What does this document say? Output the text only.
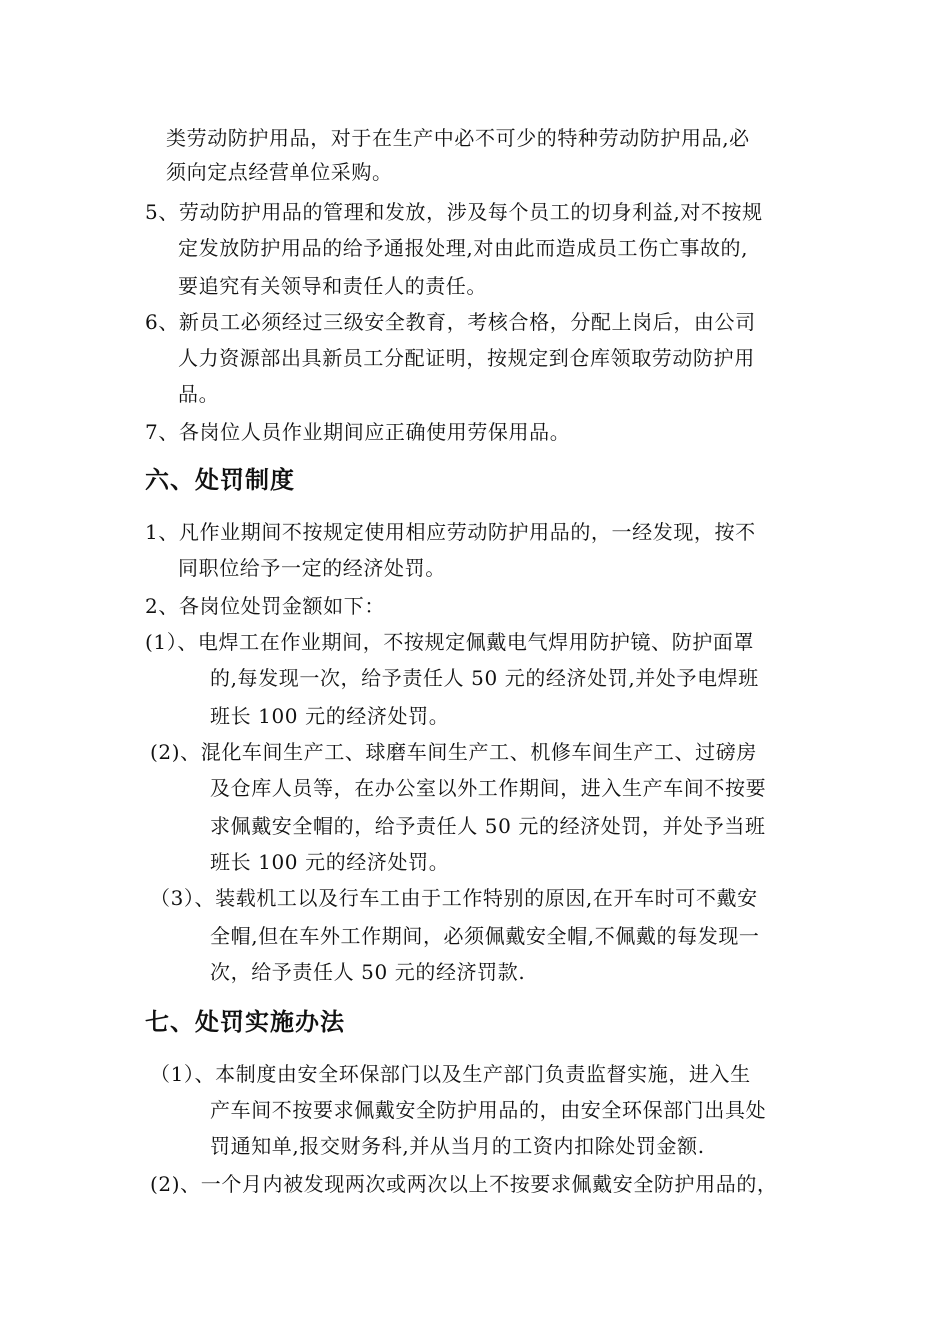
类劳动防护用品，对于在生产中必不可少的特种劳动防护用品,必
须向定点经营单位采购。
5、劳动防护用品的管理和发放，涉及每个员工的切身利益,对不按规
定发放防护用品的给予通报处理,对由此而造成员工伤亡事故的,
要追究有关领导和责任人的责任。
6、新员工必须经过三级安全教育，考核合格，分配上岗后，由公司
人力资源部出具新员工分配证明，按规定到仓库领取劳动防护用
品。
7、各岗位人员作业期间应正确使用劳保用品。
六、处罚制度
1、凡作业期间不按规定使用相应劳动防护用品的，一经发现，按不
同职位给予一定的经济处罚。
2、各岗位处罚金额如下：
(1）、电焊工在作业期间，不按规定佩戴电气焊用防护镜、防护面罩
的,每发现一次，给予责任人 50 元的经济处罚,并处予电焊班
班长 100 元的经济处罚。
(2)、混化车间生产工、球磨车间生产工、机修车间生产工、过磅房
及仓库人员等，在办公室以外工作期间，进入生产车间不按要
求佩戴安全帽的，给予责任人 50 元的经济处罚，并处予当班
班长 100 元的经济处罚。
（3）、装载机工以及行车工由于工作特别的原因,在开车时可不戴安
全帽,但在车外工作期间，必须佩戴安全帽,不佩戴的每发现一
次，给予责任人 50 元的经济罚款.
七、处罚实施办法
（1）、本制度由安全环保部门以及生产部门负责监督实施，进入生
产车间不按要求佩戴安全防护用品的，由安全环保部门出具处
罚通知单,报交财务科,并从当月的工资内扣除处罚金额.
(2)、一个月内被发现两次或两次以上不按要求佩戴安全防护用品的，
